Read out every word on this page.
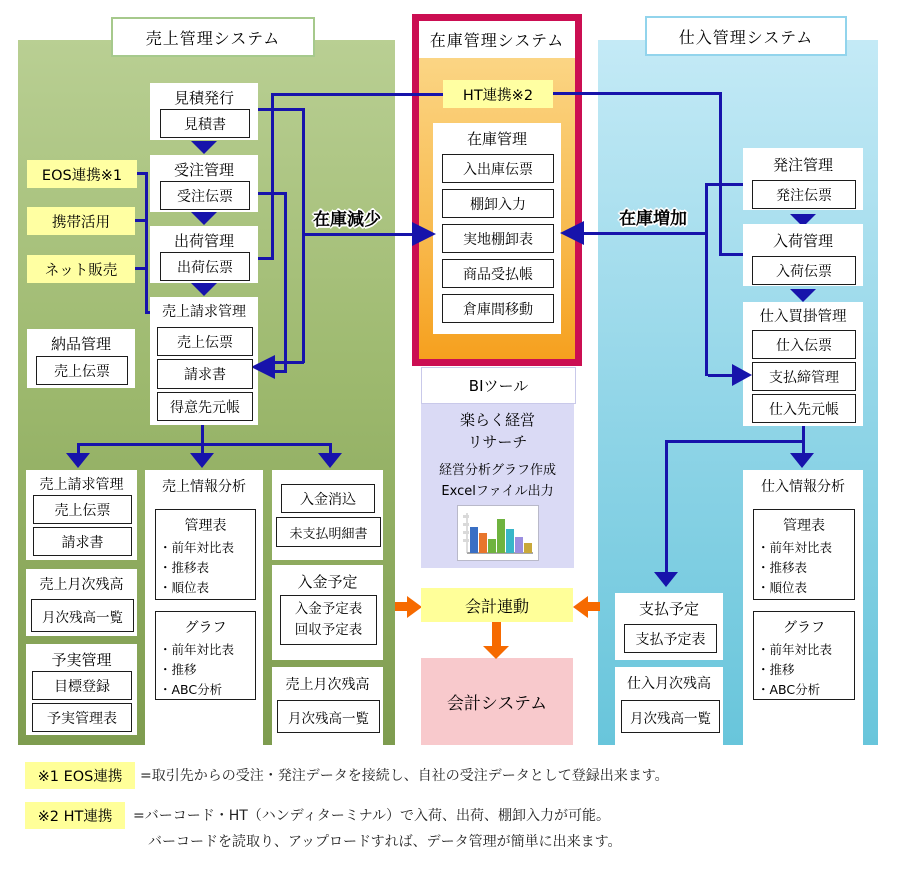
売上管理システム	在庫管理システム	仕入管理システム
見積発行
見積書
受注管理
受注伝票
出荷管理
出荷伝票
売上請求管理
売上伝票
請求書
得意先元帳
EOS連携※1
携帯活用
ネット販売
納品管理
売上伝票
売上請求管理
売上伝票
請求書
売上月次残高
月次残高一覧
予実管理
目標登録
予実管理表
売上情報分析
管理表
・前年対比表
・推移表
・順位表
グラフ
・前年対比表
・推移
・ABC分析
入金消込
未支払明細書
入金予定
入金予定表
回収予定表
売上月次残高
月次残高一覧
HT連携※2
在庫管理
入出庫伝票
棚卸入力
実地棚卸表
商品受払帳
倉庫間移動
BIツール
楽らく経営
リサーチ
経営分析グラフ作成
Excelファイル出力
会計連動
会計システム
発注管理
発注伝票
入荷管理
入荷伝票
仕入買掛管理
仕入伝票
支払締管理
仕入先元帳
仕入情報分析
管理表
・前年対比表
・推移表
・順位表
グラフ
・前年対比表
・推移
・ABC分析
支払予定
支払予定表
仕入月次残高
月次残高一覧
在庫減少	在庫増加
※1 EOS連携	=取引先からの受注・発注データを接続し、自社の受注データとして登録出来ます。
※2 HT連携	=バーコード・HT（ハンディターミナル）で入荷、出荷、棚卸入力が可能。
バーコードを読取り、アップロードすれば、データ管理が簡単に出来ます。
